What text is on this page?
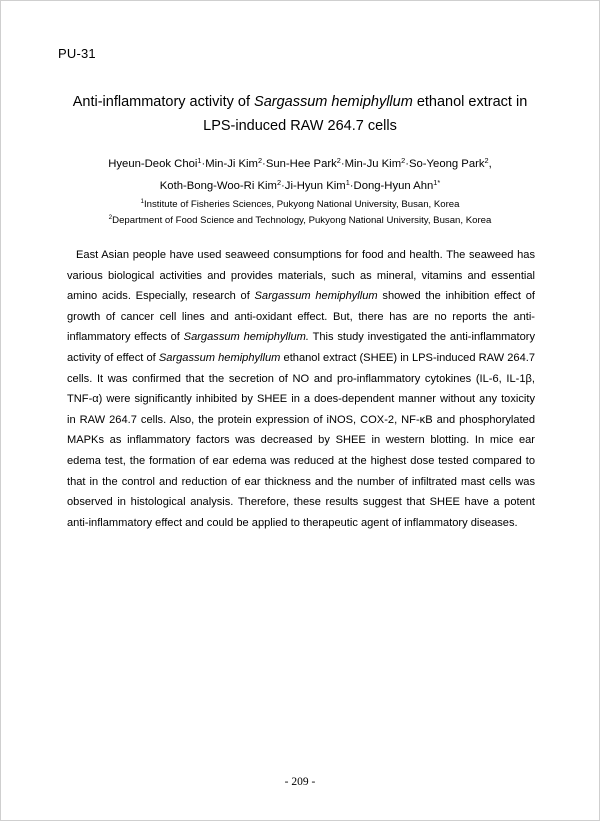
PU-31
Anti-inflammatory activity of Sargassum hemiphyllum ethanol extract in
LPS-induced RAW 264.7 cells
Hyeun-Deok Choi$^1$·Min-Ji Kim$^2$·Sun-Hee Park$^2$·Min-Ju Kim$^2$·So-Yeong Park$^2$,
Koth-Bong-Woo-Ri Kim$^2$·Ji-Hyun Kim$^1$·Dong-Hyun Ahn$^{1*}$
$^1$Institute of Fisheries Sciences, Pukyong National University, Busan, Korea
$^2$Department of Food Science and Technology, Pukyong National University, Busan, Korea

East Asian people have used seaweed consumptions for food and health. The seaweed has various biological activities and provides materials, such as mineral, vitamins and essential amino acids. Especially, research of Sargassum hemiphyllum showed the inhibition effect of growth of cancer cell lines and anti-oxidant effect. But, there has are no reports the anti-inflammatory effects of Sargassum hemiphyllum. This study investigated the anti-inflammatory activity of effect of Sargassum hemiphyllum ethanol extract (SHEE) in LPS-induced RAW 264.7 cells. It was confirmed that the secretion of NO and pro-inflammatory cytokines (IL-6, IL-1β, TNF-α) were significantly inhibited by SHEE in a does-dependent manner without any toxicity in RAW 264.7 cells. Also, the protein expression of iNOS, COX-2, NF-κB and phosphorylated MAPKs as inflammatory factors was decreased by SHEE in western blotting. In mice ear edema test, the formation of ear edema was reduced at the highest dose tested compared to that in the control and reduction of ear thickness and the number of infiltrated mast cells was observed in histological analysis. Therefore, these results suggest that SHEE have a potent anti-inflammatory effect and could be applied to therapeutic agent of inflammatory diseases.

- 209 -
